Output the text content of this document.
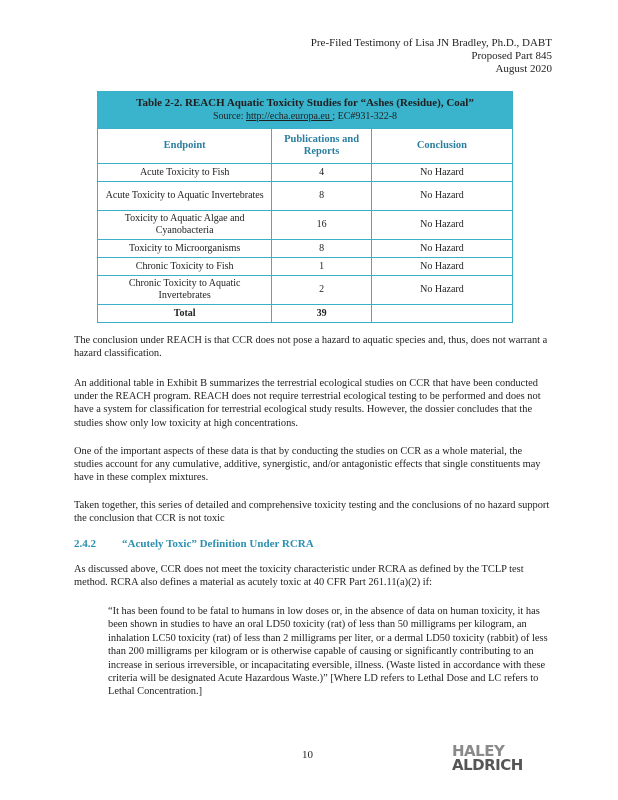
Pre-Filed Testimony of Lisa JN Bradley, Ph.D., DABT
Proposed Part 845
August 2020
Table 2-2. REACH Aquatic Toxicity Studies for “Ashes (Residue), Coal”
Source: http://echa.europa.eu ; EC#931-322-8		

Endpoint	Publications and Reports	Conclusion
Acute Toxicity to Fish	4	No Hazard
Acute Toxicity to Aquatic Invertebrates	8	No Hazard
Toxicity to Aquatic Algae and Cyanobacteria	16	No Hazard
Toxicity to Microorganisms	8	No Hazard
Chronic Toxicity to Fish	1	No Hazard
Chronic Toxicity to Aquatic Invertebrates	2	No Hazard
Total	39	

The conclusion under REACH is that CCR does not pose a hazard to aquatic species and, thus, does not warrant a hazard classification.

An additional table in Exhibit B summarizes the terrestrial ecological studies on CCR that have been conducted under the REACH program. REACH does not require terrestrial ecological testing to be performed and does not have a system for classification for terrestrial ecological study results. However, the dossier concludes that the studies show only low toxicity at high concentrations.

One of the important aspects of these data is that by conducting the studies on CCR as a whole material, the studies account for any cumulative, additive, synergistic, and/or antagonistic effects that single constituents may have in these complex mixtures.

Taken together, this series of detailed and comprehensive toxicity testing and the conclusions of no hazard support the conclusion that CCR is not toxic

2.4.2 “Acutely Toxic” Definition Under RCRA

As discussed above, CCR does not meet the toxicity characteristic under RCRA as defined by the TCLP test method. RCRA also defines a material as acutely toxic at 40 CFR Part 261.11(a)(2) if:

“It has been found to be fatal to humans in low doses or, in the absence of data on human toxicity, it has been shown in studies to have an oral LD50 toxicity (rat) of less than 50 milligrams per kilogram, an inhalation LC50 toxicity (rat) of less than 2 milligrams per liter, or a dermal LD50 toxicity (rabbit) of less than 200 milligrams per kilogram or is otherwise capable of causing or significantly contributing to an increase in serious irreversible, or incapacitating eversible, illness. (Waste listed in accordance with these criteria will be designated Acute Hazardous Waste.)” [Where LD refers to Lethal Dose and LC refers to Lethal Concentration.]

10	HALEY
ALDRICH
